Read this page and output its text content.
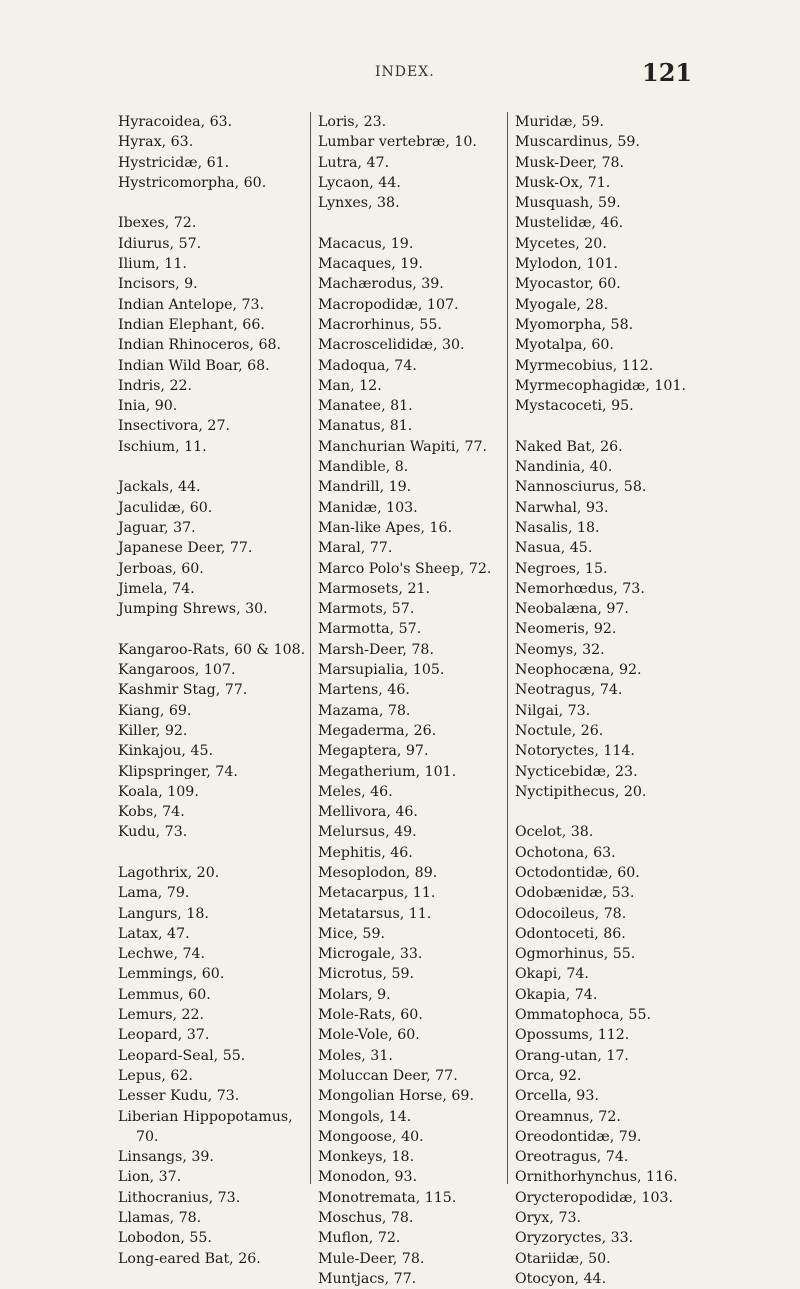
INDEX.	121

Hyracoidea, 63.

Hyrax, 63.

Hystricidæ, 61.

Hystricomorpha, 60.

Ibexes, 72.

Idiurus, 57.

Ilium, 11.

Incisors, 9.

Indian Antelope, 73.

Indian Elephant, 66.

Indian Rhinoceros, 68.

Indian Wild Boar, 68.

Indris, 22.

Inia, 90.

Insectivora, 27.

Ischium, 11.

Jackals, 44.

Jaculidæ, 60.

Jaguar, 37.

Japanese Deer, 77.

Jerboas, 60.

Jimela, 74.

Jumping Shrews, 30.

Kangaroo-Rats, 60 & 108.

Kangaroos, 107.

Kashmir Stag, 77.

Kiang, 69.

Killer, 92.

Kinkajou, 45.

Klipspringer, 74.

Koala, 109.

Kobs, 74.

Kudu, 73.

Lagothrix, 20.

Lama, 79.

Langurs, 18.

Latax, 47.

Lechwe, 74.

Lemmings, 60.

Lemmus, 60.

Lemurs, 22.

Leopard, 37.

Leopard-Seal, 55.

Lepus, 62.

Lesser Kudu, 73.

Liberian Hippopotamus, 70.

Linsangs, 39.

Lion, 37.

Lithocranius, 73.

Llamas, 78.

Lobodon, 55.

Long-eared Bat, 26.

Loris, 23.

Lumbar vertebræ, 10.

Lutra, 47.

Lycaon, 44.

Lynxes, 38.

Macacus, 19.

Macaques, 19.

Machærodus, 39.

Macropodidæ, 107.

Macrorhinus, 55.

Macroscelididæ, 30.

Madoqua, 74.

Man, 12.

Manatee, 81.

Manatus, 81.

Manchurian Wapiti, 77.

Mandible, 8.

Mandrill, 19.

Manidæ, 103.

Man-like Apes, 16.

Maral, 77.

Marco Polo's Sheep, 72.

Marmosets, 21.

Marmots, 57.

Marmotta, 57.

Marsh-Deer, 78.

Marsupialia, 105.

Martens, 46.

Mazama, 78.

Megaderma, 26.

Megaptera, 97.

Megatherium, 101.

Meles, 46.

Mellivora, 46.

Melursus, 49.

Mephitis, 46.

Mesoplodon, 89.

Metacarpus, 11.

Metatarsus, 11.

Mice, 59.

Microgale, 33.

Microtus, 59.

Molars, 9.

Mole-Rats, 60.

Mole-Vole, 60.

Moles, 31.

Moluccan Deer, 77.

Mongolian Horse, 69.

Mongols, 14.

Mongoose, 40.

Monkeys, 18.

Monodon, 93.

Monotremata, 115.

Moschus, 78.

Muflon, 72.

Mule-Deer, 78.

Muntjacs, 77.

Muridæ, 59.

Muscardinus, 59.

Musk-Deer, 78.

Musk-Ox, 71.

Musquash, 59.

Mustelidæ, 46.

Mycetes, 20.

Mylodon, 101.

Myocastor, 60.

Myogale, 28.

Myomorpha, 58.

Myotalpa, 60.

Myrmecobius, 112.

Myrmecophagidæ, 101.

Mystacoceti, 95.

Naked Bat, 26.

Nandinia, 40.

Nannosciurus, 58.

Narwhal, 93.

Nasalis, 18.

Nasua, 45.

Negroes, 15.

Nemorhœdus, 73.

Neobalæna, 97.

Neomeris, 92.

Neomys, 32.

Neophocæna, 92.

Neotragus, 74.

Nilgai, 73.

Noctule, 26.

Notoryctes, 114.

Nycticebidæ, 23.

Nyctipithecus, 20.

Ocelot, 38.

Ochotona, 63.

Octodontidæ, 60.

Odobænidæ, 53.

Odocoileus, 78.

Odontoceti, 86.

Ogmorhinus, 55.

Okapi, 74.

Okapia, 74.

Ommatophoca, 55.

Opossums, 112.

Orang-utan, 17.

Orca, 92.

Orcella, 93.

Oreamnus, 72.

Oreodontidæ, 79.

Oreotragus, 74.

Ornithorhynchus, 116.

Orycteropodidæ, 103.

Oryx, 73.

Oryzoryctes, 33.

Otariidæ, 50.

Otocyon, 44.
